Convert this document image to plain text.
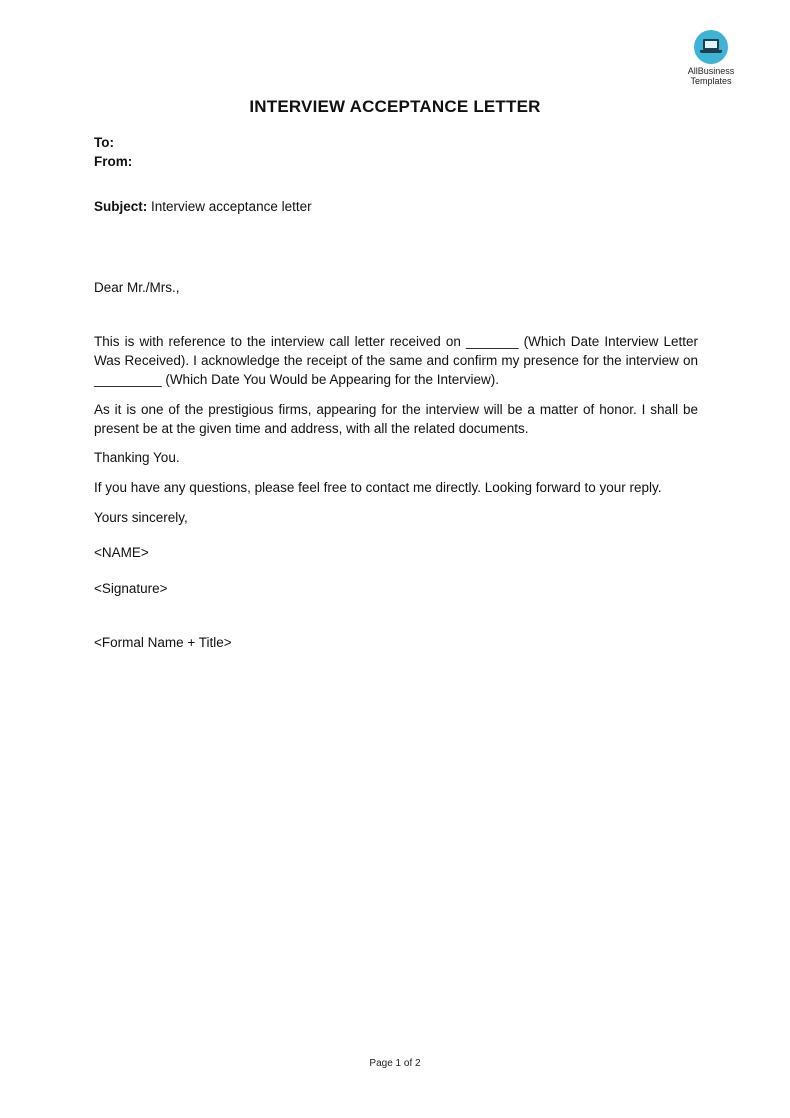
AllBusiness
Templates
INTERVIEW ACCEPTANCE LETTER
To:
From:
Subject: Interview acceptance letter
Dear Mr./Mrs.,
This is with reference to the interview call letter received on _______ (Which Date Interview Letter Was Received). I acknowledge the receipt of the same and confirm my presence for the interview on _________ (Which Date You Would be Appearing for the Interview).
As it is one of the prestigious firms, appearing for the interview will be a matter of honor. I shall be present be at the given time and address, with all the related documents.
Thanking You.
If you have any questions, please feel free to contact me directly. Looking forward to your reply.
Yours sincerely,
<NAME>
<Signature>
<Formal Name + Title>
Page 1 of 2
